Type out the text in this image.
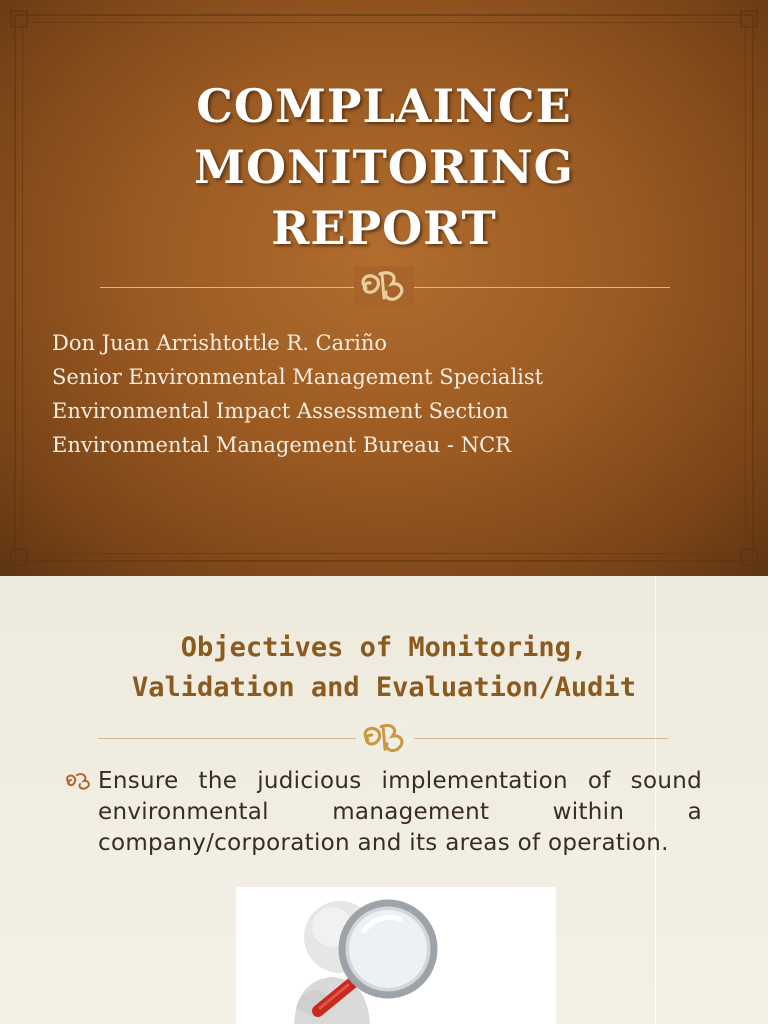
COMPLAINCE
MONITORING
REPORT
Don Juan Arrishtottle R. Cariño
Senior Environmental Management Specialist
Environmental Impact Assessment Section
Environmental Management Bureau - NCR
Objectives of Monitoring,
Validation and Evaluation/Audit
Ensure the judicious implementation of sound environmental management within a company/corporation and its areas of operation.
